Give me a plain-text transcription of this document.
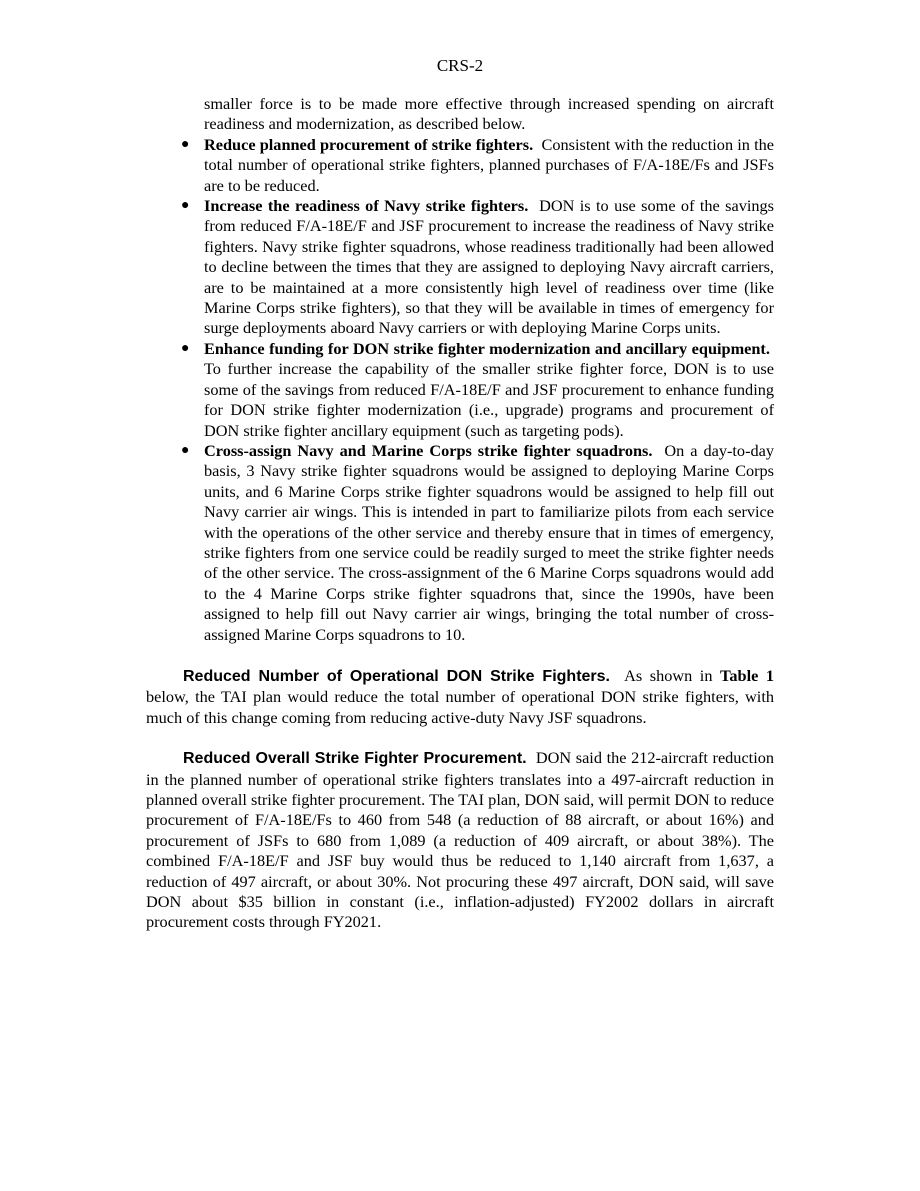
CRS-2

smaller force is to be made more effective through increased spending on aircraft readiness and modernization, as described below.

● Reduce planned procurement of strike fighters. Consistent with the reduction in the total number of operational strike fighters, planned purchases of F/A-18E/Fs and JSFs are to be reduced.
● Increase the readiness of Navy strike fighters. DON is to use some of the savings from reduced F/A-18E/F and JSF procurement to increase the readiness of Navy strike fighters. Navy strike fighter squadrons, whose readiness traditionally had been allowed to decline between the times that they are assigned to deploying Navy aircraft carriers, are to be maintained at a more consistently high level of readiness over time (like Marine Corps strike fighters), so that they will be available in times of emergency for surge deployments aboard Navy carriers or with deploying Marine Corps units.
● Enhance funding for DON strike fighter modernization and ancillary equipment.  To further increase the capability of the smaller strike fighter force, DON is to use some of the savings from reduced F/A-18E/F and JSF procurement to enhance funding for DON strike fighter modernization (i.e., upgrade) programs and procurement of DON strike fighter ancillary equipment (such as targeting pods).
● Cross-assign Navy and Marine Corps strike fighter squadrons. On a day-to-day basis, 3 Navy strike fighter squadrons would be assigned to deploying Marine Corps units, and 6 Marine Corps strike fighter squadrons would be assigned to help fill out Navy carrier air wings. This is intended in part to familiarize pilots from each service with the operations of the other service and thereby ensure that in times of emergency, strike fighters from one service could be readily surged to meet the strike fighter needs of the other service. The cross-assignment of the 6 Marine Corps squadrons would add to the 4 Marine Corps strike fighter squadrons that, since the 1990s, have been assigned to help fill out Navy carrier air wings, bringing the total number of cross-assigned Marine Corps squadrons to 10.

Reduced Number of Operational DON Strike Fighters. As shown in Table 1 below, the TAI plan would reduce the total number of operational DON strike fighters, with much of this change coming from reducing active-duty Navy JSF squadrons.

Reduced Overall Strike Fighter Procurement. DON said the 212-aircraft reduction in the planned number of operational strike fighters translates into a 497-aircraft reduction in planned overall strike fighter procurement. The TAI plan, DON said, will permit DON to reduce procurement of F/A-18E/Fs to 460 from 548 (a reduction of 88 aircraft, or about 16%) and procurement of JSFs to 680 from 1,089 (a reduction of 409 aircraft, or about 38%). The combined F/A-18E/F and JSF buy would thus be reduced to 1,140 aircraft from 1,637, a reduction of 497 aircraft, or about 30%. Not procuring these 497 aircraft, DON said, will save DON about $35 billion in constant (i.e., inflation-adjusted) FY2002 dollars in aircraft procurement costs through FY2021.
